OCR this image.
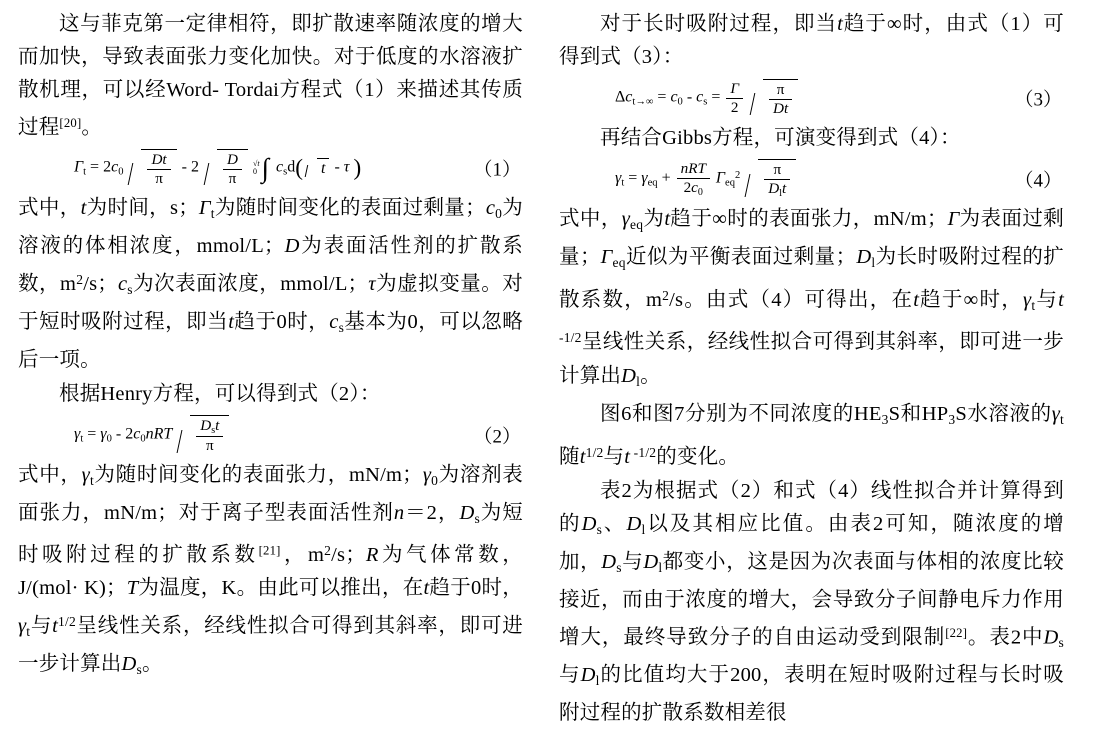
这与菲克第一定律相符，即扩散速率随浓度的增大而加快，导致表面张力变化加快。对于低度的水溶液扩散机理，可以经Word- Tordai方程式（1）来描述其传质过程[20]。

$\Gamma_t = 2c_0 \frac{Dt}{\pi} - 2 \frac{D}{\pi}$
√t
0 ∫ $c_sd$( t - τ )	（1）

式中，t为时间，s；$\Gamma_t$为随时间变化的表面过剩量；$c_0$为溶液的体相浓度，mmol/L；D为表面活性剂的扩散系数，$m^2/s$；$c_s$为次表面浓度，mmol/L；τ为虚拟变量。对于短时吸附过程，即当t趋于0时，$c_s$基本为0，可以忽略后一项。

根据Henry方程，可以得到式（2）：

$\gamma_t = \gamma_0 - 2c_0nRT \frac{D_st}{\pi}$	（2）

式中，$\gamma_t$为随时间变化的表面张力，mN/m；$\gamma_0$为溶剂表面张力，mN/m；对于离子型表面活性剂n＝2，$D_s$为短时吸附过程的扩散系数[21]，$m^2/s$；R为气体常数，J/(mol· K)；T为温度，K。由此可以推出，在t趋于0时，$\gamma_t$与$t^{1/2}$呈线性关系，经线性拟合可得到其斜率，即可进一步计算出$D_s$。

对于长时吸附过程，即当t趋于∞时，由式（1）可得到式（3）：

$\Delta c_{t\to\infty} = c_0 - c_s = \frac{\Gamma}{2}$
$\frac{\pi}{Dt}$	（3）

再结合Gibbs方程，可演变得到式（4）：

$\gamma_t = \gamma_{eq} + \frac{\text{nRT}}{2c_0} \Gamma_{eq}^2 \frac{\pi}{D_lt}$	（4）

式中，$\gamma_{eq}$为t趋于∞时的表面张力，mN/m；Γ为表面过剩量；$\Gamma_{eq}$近似为平衡表面过剩量；$D_l$为长时吸附过程的扩散系数，$m^2/s$。由式（4）可得出，在t趋于∞时，$\gamma_t$与t $^{-1/2}$呈线性关系，经线性拟合可得到其斜率，即可进一步计算出$D_l$。

图6和图7分别为不同浓度的$HE_3S$和$HP_3S$水溶液的$\gamma_t$随$t^{1/2}$与t $^{-1/2}$的变化。

表2为根据式（2）和式（4）线性拟合并计算得到的$D_s$、$D_l$以及其相应比值。由表2可知，随浓度的增加，$D_s$与$D_l$都变小，这是因为次表面与体相的浓度比较接近，而由于浓度的增大，会导致分子间静电斥力作用增大，最终导致分子的自由运动受到限制[22]。表2中$D_s$与$D_l$的比值均大于200，表明在短时吸附过程与长时吸附过程的扩散系数相差很
